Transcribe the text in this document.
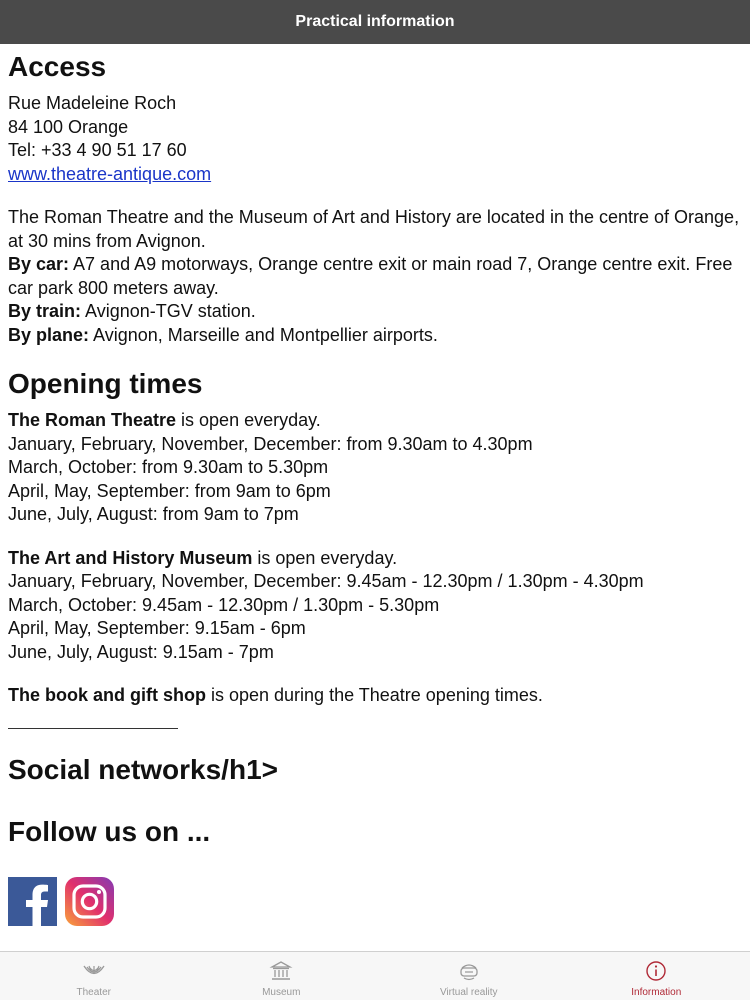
Practical information
Access
Rue Madeleine Roch
84 100 Orange
Tel: +33 4 90 51 17 60
www.theatre-antique.com
The Roman Theatre and the Museum of Art and History are located in the centre of Orange, at 30 mins from Avignon.
By car: A7 and A9 motorways, Orange centre exit or main road 7, Orange centre exit. Free car park 800 meters away.
By train: Avignon-TGV station.
By plane: Avignon, Marseille and Montpellier airports.
Opening times
The Roman Theatre is open everyday.
January, February, November, December: from 9.30am to 4.30pm
March, October: from 9.30am to 5.30pm
April, May, September: from 9am to 6pm
June, July, August: from 9am to 7pm
The Art and History Museum is open everyday.
January, February, November, December: 9.45am - 12.30pm / 1.30pm - 4.30pm
March, October: 9.45am - 12.30pm / 1.30pm - 5.30pm
April, May, September: 9.15am - 6pm
June, July, August: 9.15am - 7pm
The book and gift shop is open during the Theatre opening times.
Social networks/h1>
Follow us on ...
Theater	Museum	Virtual reality	Information
